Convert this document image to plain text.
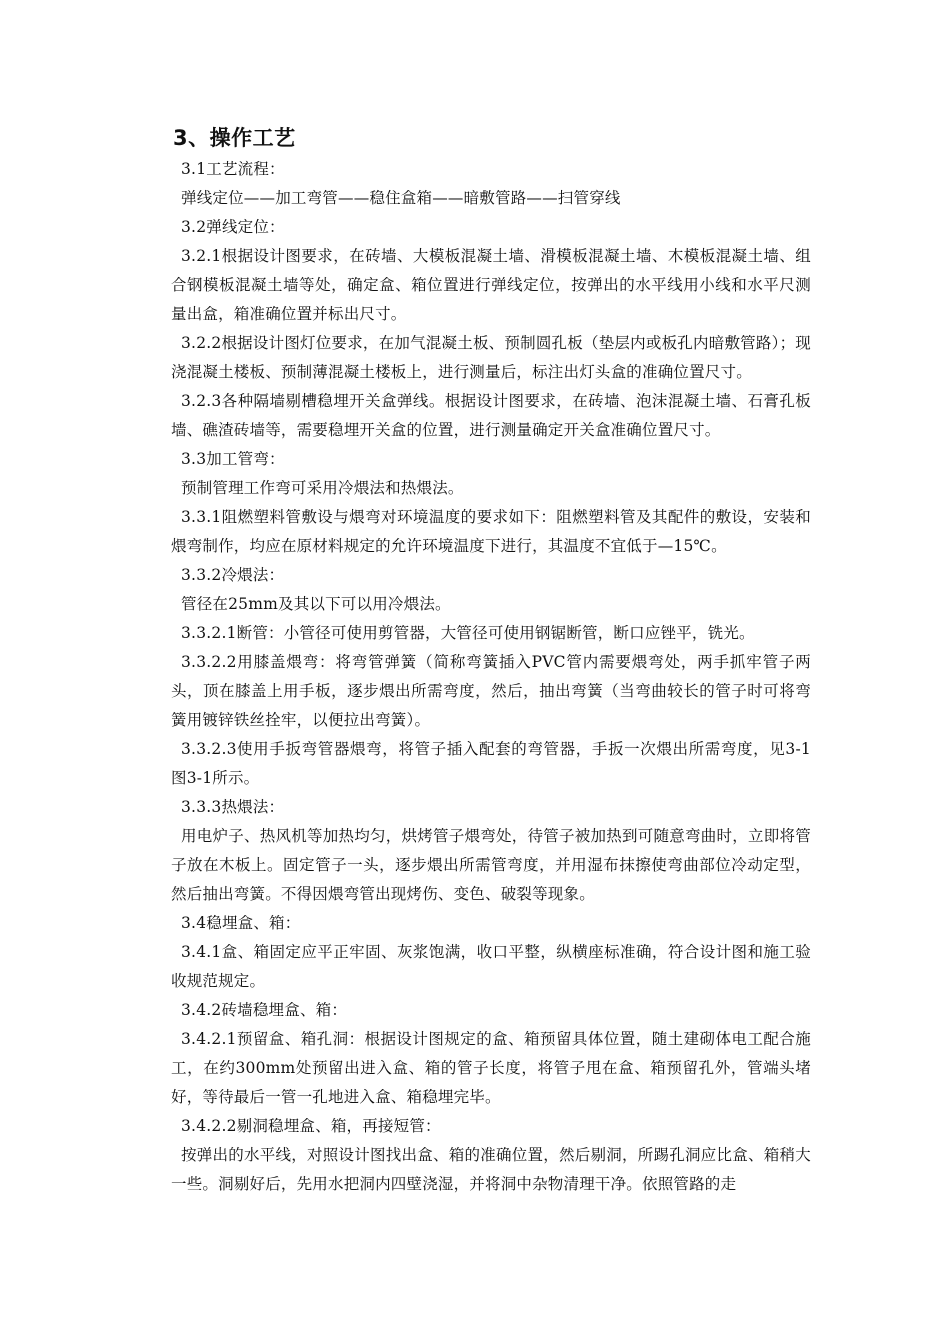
3、操作工艺

3.1工艺流程：

弹线定位——加工弯管——稳住盒箱——暗敷管路——扫管穿线

3.2弹线定位：

3.2.1根据设计图要求，在砖墙、大模板混凝土墙、滑模板混凝土墙、木模板混凝土墙、组合钢模板混凝土墙等处，确定盒、箱位置进行弹线定位，按弹出的水平线用小线和水平尺测量出盒，箱准确位置并标出尺寸。

3.2.2根据设计图灯位要求，在加气混凝土板、预制圆孔板（垫层内或板孔内暗敷管路）；现浇混凝土楼板、预制薄混凝土楼板上，进行测量后，标注出灯头盒的准确位置尺寸。

3.2.3各种隔墙剔槽稳埋开关盒弹线。根据设计图要求，在砖墙、泡沫混凝土墙、石膏孔板墙、礁渣砖墙等，需要稳埋开关盒的位置，进行测量确定开关盒准确位置尺寸。

3.3加工管弯：

预制管理工作弯可采用冷煨法和热煨法。

3.3.1阻燃塑料管敷设与煨弯对环境温度的要求如下：阻燃塑料管及其配件的敷设，安装和煨弯制作，均应在原材料规定的允许环境温度下进行，其温度不宜低于—15℃。

3.3.2冷煨法：

管径在25mm及其以下可以用冷煨法。

3.3.2.1断管：小管径可使用剪管器，大管径可使用钢锯断管，断口应锉平，铣光。

3.3.2.2用膝盖煨弯：将弯管弹簧（简称弯簧插入PVC管内需要煨弯处，两手抓牢管子两头，顶在膝盖上用手板，逐步煨出所需弯度，然后，抽出弯簧（当弯曲较长的管子时可将弯簧用镀锌铁丝拴牢，以便拉出弯簧）。

3.3.2.3使用手扳弯管器煨弯，将管子插入配套的弯管器，手扳一次煨出所需弯度，见3-1图3-1所示。

3.3.3热煨法：

用电炉子、热风机等加热均匀，烘烤管子煨弯处，待管子被加热到可随意弯曲时，立即将管子放在木板上。固定管子一头，逐步煨出所需管弯度，并用湿布抹擦使弯曲部位冷动定型，然后抽出弯簧。不得因煨弯管出现烤伤、变色、破裂等现象。

3.4稳埋盒、箱：

3.4.1盒、箱固定应平正牢固、灰浆饱满，收口平整，纵横座标准确，符合设计图和施工验收规范规定。

3.4.2砖墙稳埋盒、箱：

3.4.2.1预留盒、箱孔洞：根据设计图规定的盒、箱预留具体位置，随土建砌体电工配合施工，在约300mm处预留出进入盒、箱的管子长度，将管子甩在盒、箱预留孔外，管端头堵好，等待最后一管一孔地进入盒、箱稳埋完毕。

3.4.2.2剔洞稳埋盒、箱，再接短管：

按弹出的水平线，对照设计图找出盒、箱的准确位置，然后剔洞，所踢孔洞应比盒、箱稍大一些。洞剔好后，先用水把洞内四壁浇湿，并将洞中杂物清理干净。依照管路的走
